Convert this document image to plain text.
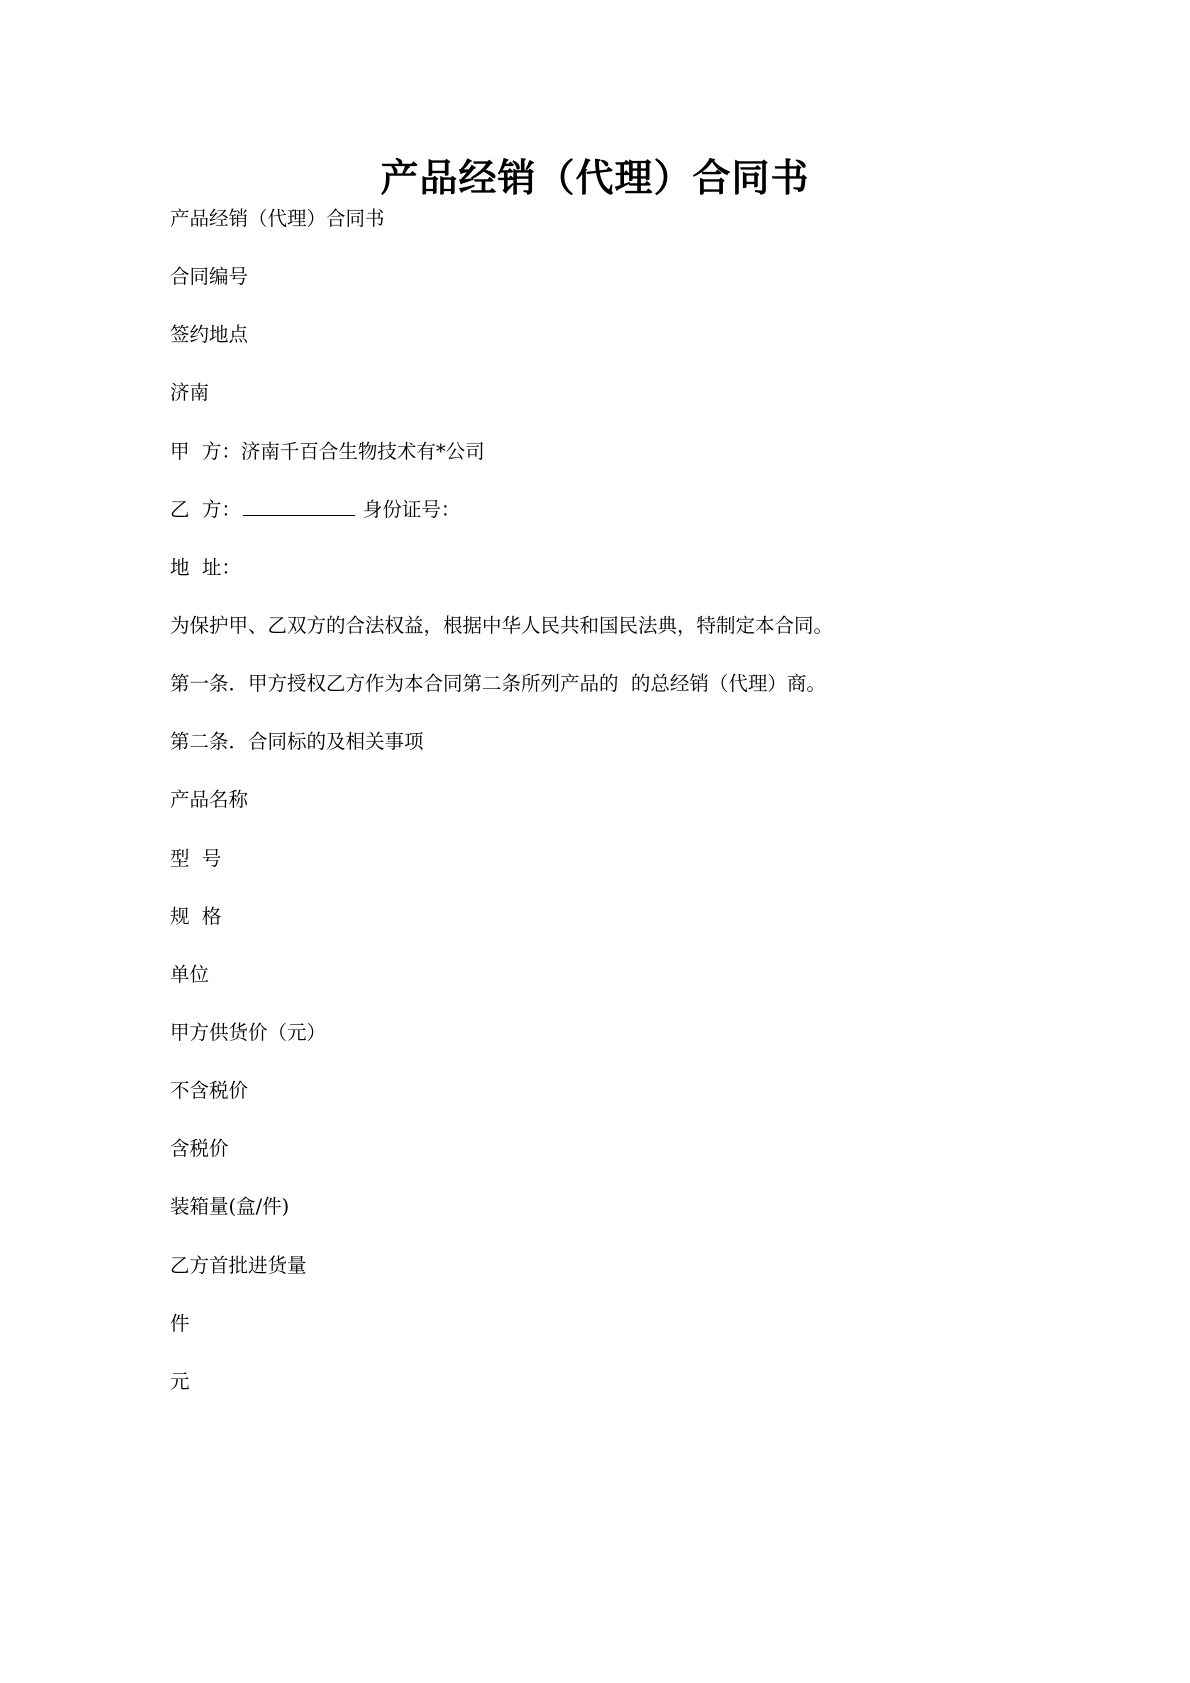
产品经销（代理）合同书
产品经销（代理）合同书
合同编号
签约地点
济南
甲  方：济南千百合生物技术有*公司
乙  方：	身份证号：
地  址：
为保护甲、乙双方的合法权益，根据中华人民共和国民法典，特制定本合同。
第一条．甲方授权乙方作为本合同第二条所列产品的  的总经销（代理）商。
第二条．合同标的及相关事项
产品名称
型  号
规  格
单位
甲方供货价（元）
不含税价
含税价
装箱量(盒/件)
乙方首批进货量
件
元
